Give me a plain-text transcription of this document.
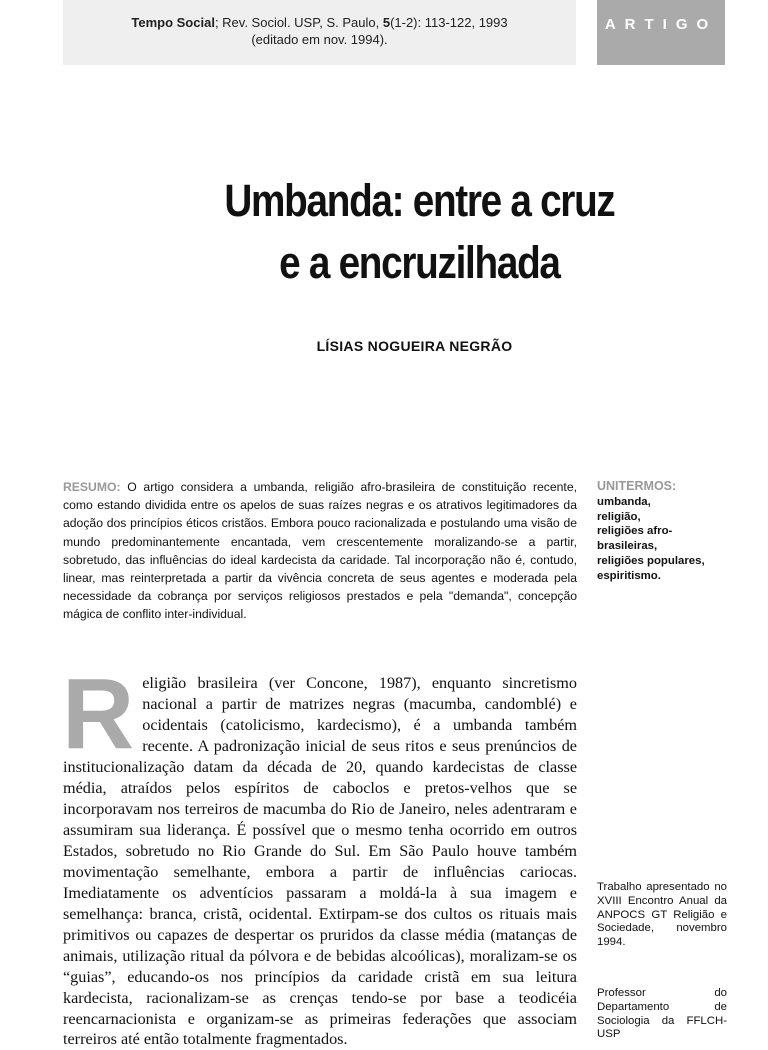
Tempo Social; Rev. Sociol. USP, S. Paulo, 5(1-2): 113-122, 1993
(editado em nov. 1994).
ARTIGO
Umbanda: entre a cruz
e a encruzilhada
LÍSIAS NOGUEIRA NEGRÃO
RESUMO: O artigo considera a umbanda, religião afro-brasileira de constituição recente, como estando dividida entre os apelos de suas raízes negras e os atrativos legitimadores da adoção dos princípios éticos cristãos. Embora pouco racionalizada e postulando uma visão de mundo predominantemente encantada, vem crescentemente moralizando-se a partir, sobretudo, das influências do ideal kardecista da caridade. Tal incorporação não é, contudo, linear, mas reinterpretada a partir da vivência concreta de seus agentes e moderada pela necessidade da cobrança por serviços religiosos prestados e pela "demanda", concepção mágica de conflito inter-individual.
UNITERMOS:
umbanda,
religião,
religiões afro-
brasileiras,
religiões populares,
espiritismo.
Religião brasileira (ver Concone, 1987), enquanto sincretismo nacional a partir de matrizes negras (macumba, candomblé) e ocidentais (catolicismo, kardecismo), é a umbanda também recente. A padronização inicial de seus ritos e seus prenúncios de institucionalização datam da década de 20, quando kardecistas de classe média, atraídos pelos espíritos de caboclos e pretos-velhos que se incorporavam nos terreiros de macumba do Rio de Janeiro, neles adentraram e assumiram sua liderança. É possível que o mesmo tenha ocorrido em outros Estados, sobretudo no Rio Grande do Sul. Em São Paulo houve também movimentação semelhante, embora a partir de influências cariocas. Imediatamente os adventícios passaram a moldá-la à sua imagem e semelhança: branca, cristã, ocidental. Extirpam-se dos cultos os rituais mais primitivos ou capazes de despertar os pruridos da classe média (matanças de animais, utilização ritual da pólvora e de bebidas alcoólicas), moralizam-se os “guias”, educando-os nos princípios da caridade cristã em sua leitura kardecista, racionalizam-se as crenças tendo-se por base a teodicéia reencarnacionista e organizam-se as primeiras federações que associam terreiros até então totalmente fragmentados.
Trabalho apresentado no XVIII Encontro Anual da ANPOCS GT Religião e Sociedade, novembro 1994.
Professor do Departamento de Sociologia da FFLCH-USP
